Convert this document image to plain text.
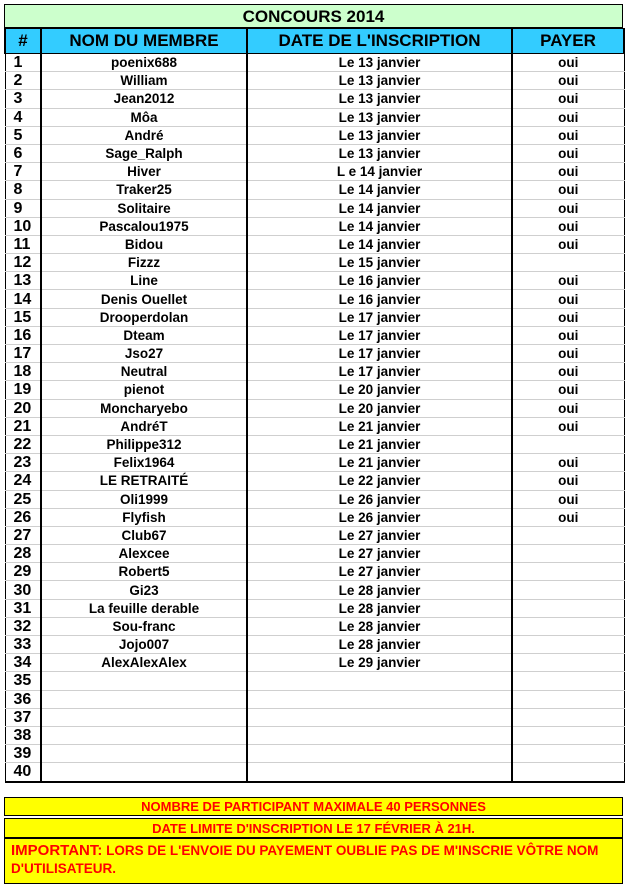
CONCOURS 2014
#	NOM DU MEMBRE	DATE DE L'INSCRIPTION	PAYER
1	poenix688	Le 13 janvier	oui
2	William	Le 13 janvier	oui
3	Jean2012	Le 13 janvier	oui
4	Môa	Le 13 janvier	oui
5	André	Le 13 janvier	oui
6	Sage_Ralph	Le 13 janvier	oui
7	Hiver	L e 14 janvier	oui
8	Traker25	Le 14 janvier	oui
9	Solitaire	Le 14 janvier	oui
10	Pascalou1975	Le 14 janvier	oui
11	Bidou	Le 14 janvier	oui
12	Fizzz	Le 15 janvier	
13	Line	Le 16 janvier	oui
14	Denis Ouellet	Le 16 janvier	oui
15	Drooperdolan	Le 17 janvier	oui
16	Dteam	Le 17 janvier	oui
17	Jso27	Le 17 janvier	oui
18	Neutral	Le 17 janvier	oui
19	pienot	Le 20 janvier	oui
20	Moncharyebo	Le 20 janvier	oui
21	AndréT	Le 21 janvier	oui
22	Philippe312	Le 21 janvier	
23	Felix1964	Le 21 janvier	oui
24	LE RETRAITÉ	Le 22 janvier	oui
25	Oli1999	Le 26 janvier	oui
26	Flyfish	Le 26 janvier	oui
27	Club67	Le 27 janvier	
28	Alexcee	Le 27 janvier	
29	Robert5	Le 27 janvier	
30	Gi23	Le 28 janvier	
31	La feuille derable	Le 28 janvier	
32	Sou-franc	Le 28 janvier	
33	Jojo007	Le 28 janvier	
34	AlexAlexAlex	Le 29 janvier	
35			
36			
37			
38			
39			
40			
NOMBRE DE PARTICIPANT MAXIMALE 40 PERSONNES
DATE LIMITE D'INSCRIPTION LE 17 FÉVRIER À 21H.
IMPORTANT: LORS DE L'ENVOIE DU PAYEMENT OUBLIE PAS DE M'INSCRIE VÔTRE NOM D'UTILISATEUR.
